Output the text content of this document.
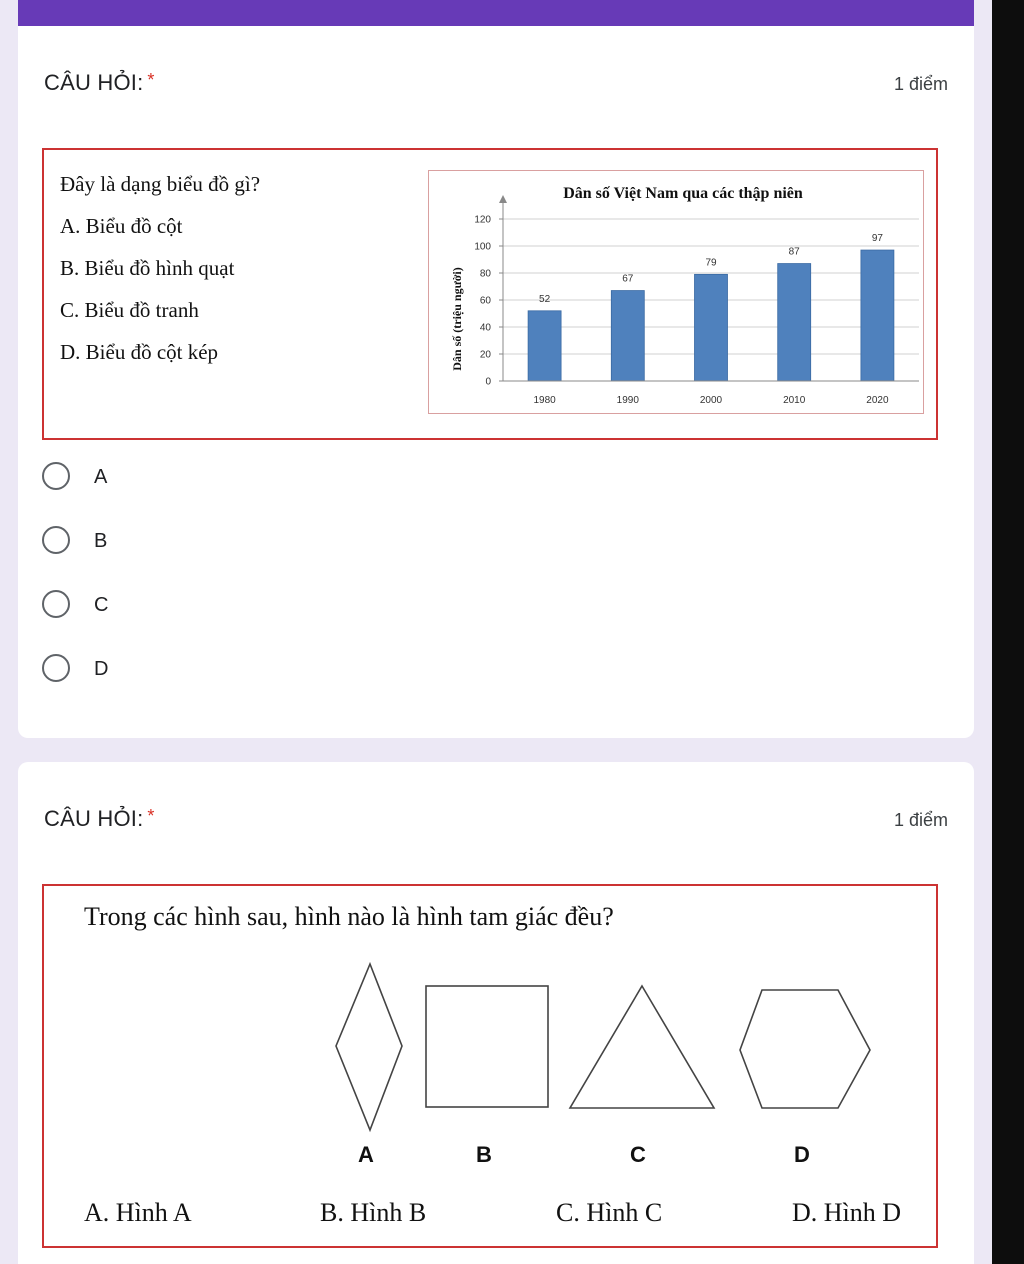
CÂU HỎI: *	1 điểm
Đây là dạng biểu đồ gì?
A. Biểu đồ cột
B. Biểu đồ hình quạt
C. Biểu đồ tranh
D. Biểu đồ cột kép
Dân số Việt Nam qua các thập niên
Dân số (triệu người)
0
20
40
60
80
100
120
52
1980
67
1990
79
2000
87
2010
97
2020
A
B
C
D
CÂU HỎI: *	1 điểm
Trong các hình sau, hình nào là hình tam giác đều?
A	B	C	D
A. Hình A	B. Hình B	C. Hình C	D. Hình D
